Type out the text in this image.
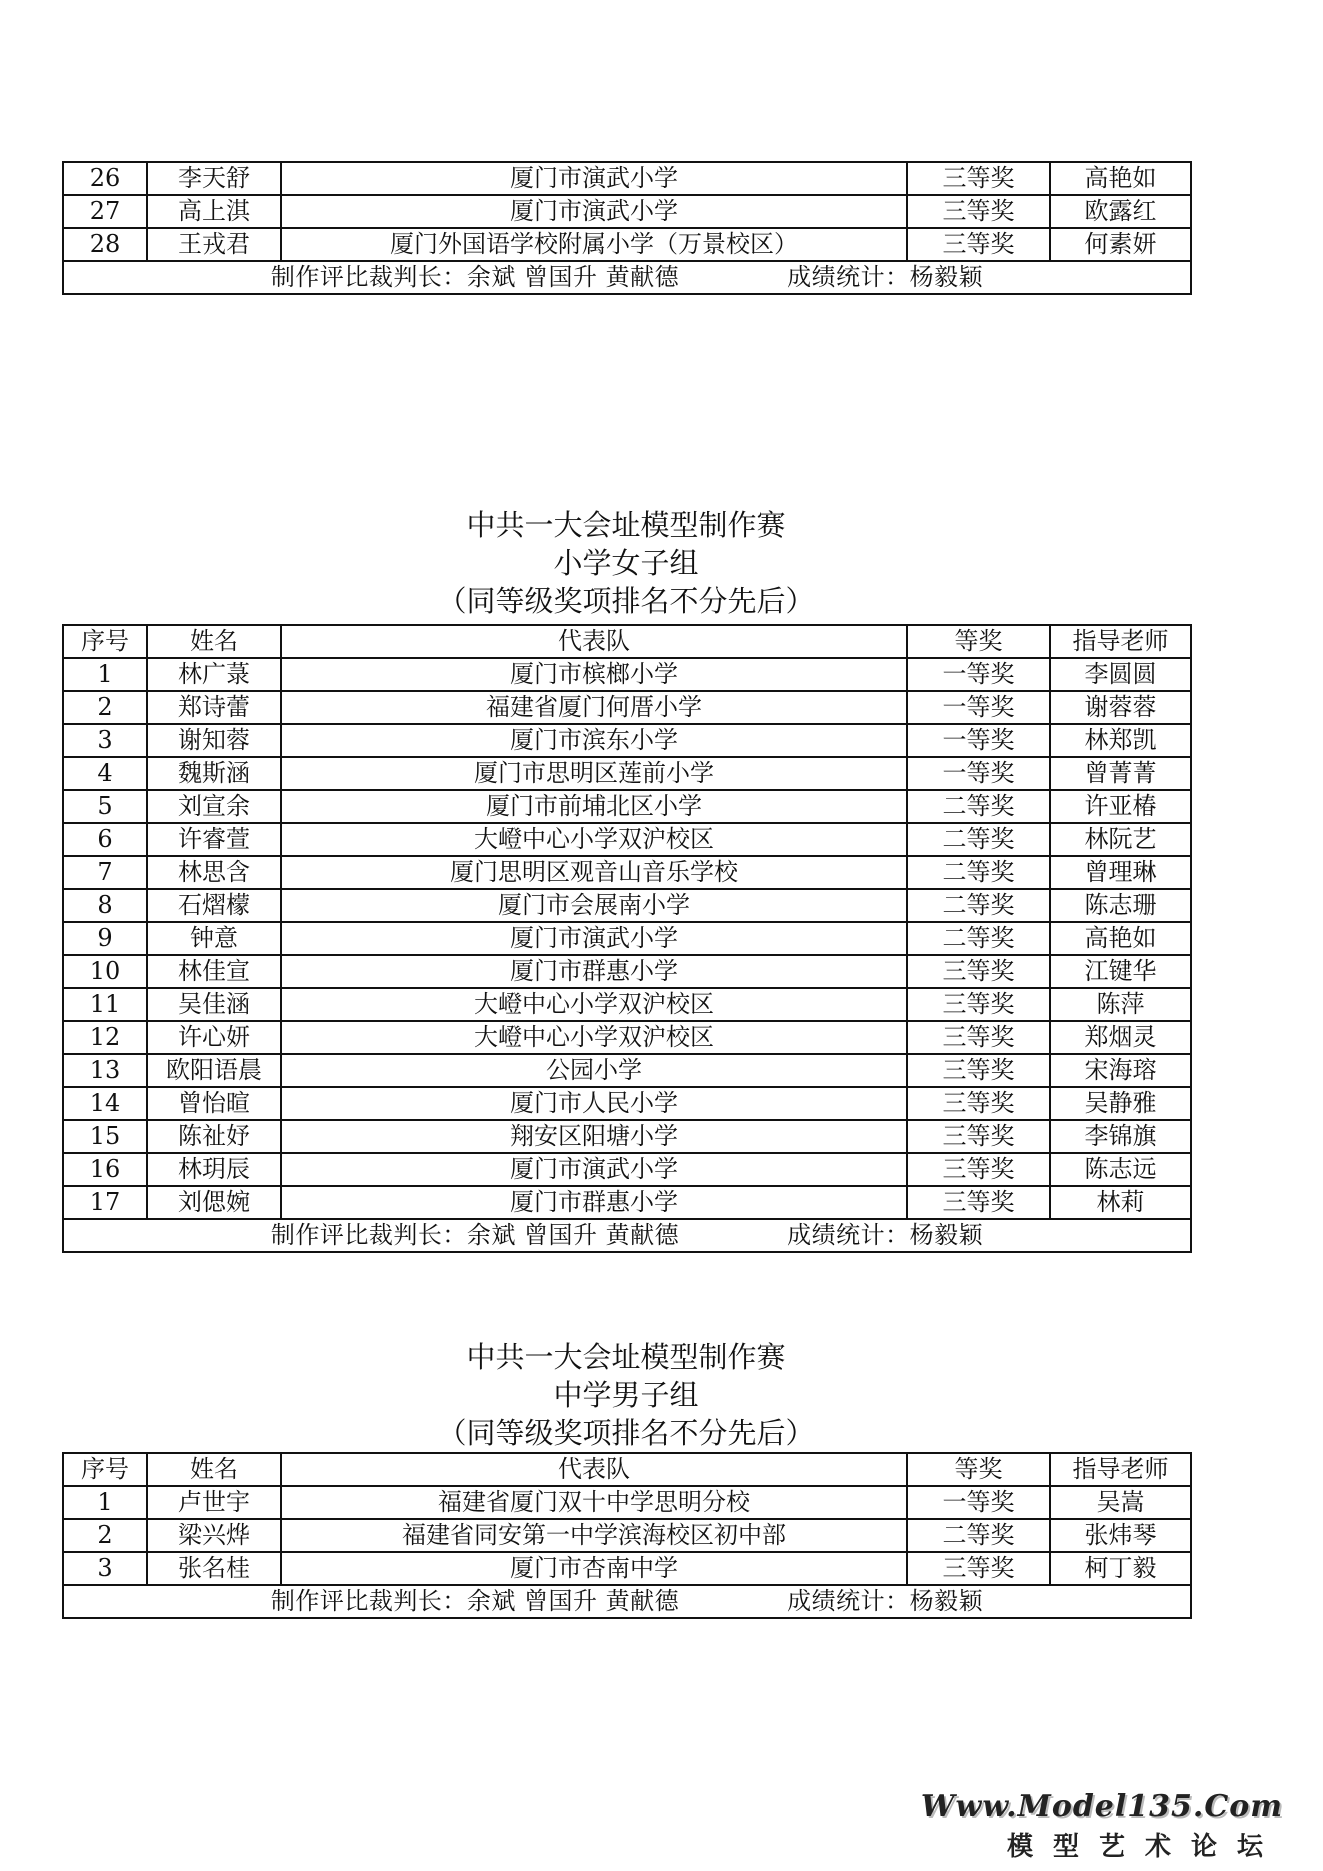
26	李天舒	厦门市演武小学	三等奖	高艳如
27	高上淇	厦门市演武小学	三等奖	欧露红
28	王戎君	厦门外国语学校附属小学（万景校区）	三等奖	何素妍
制作评比裁判长：余斌 曾国升 黄献德 成绩统计：杨毅颖				
中共一大会址模型制作赛
小学女子组
（同等级奖项排名不分先后）
序号	姓名	代表队	等奖	指导老师
1	林广菉	厦门市槟榔小学	一等奖	李圆圆
2	郑诗蕾	福建省厦门何厝小学	一等奖	谢蓉蓉
3	谢知蓉	厦门市滨东小学	一等奖	林郑凯
4	魏斯涵	厦门市思明区莲前小学	一等奖	曾菁菁
5	刘宣余	厦门市前埔北区小学	二等奖	许亚椿
6	许睿萱	大嶝中心小学双沪校区	二等奖	林阮艺
7	林思含	厦门思明区观音山音乐学校	二等奖	曾理琳
8	石熠檬	厦门市会展南小学	二等奖	陈志珊
9	钟意	厦门市演武小学	二等奖	高艳如
10	林佳宣	厦门市群惠小学	三等奖	江键华
11	吴佳涵	大嶝中心小学双沪校区	三等奖	陈萍
12	许心妍	大嶝中心小学双沪校区	三等奖	郑烟灵
13	欧阳语晨	公园小学	三等奖	宋海瑢
14	曾怡暄	厦门市人民小学	三等奖	吴静雅
15	陈祉妤	翔安区阳塘小学	三等奖	李锦旗
16	林玥辰	厦门市演武小学	三等奖	陈志远
17	刘偲婉	厦门市群惠小学	三等奖	林莉
制作评比裁判长：余斌 曾国升 黄献德 成绩统计：杨毅颖				
中共一大会址模型制作赛
中学男子组
（同等级奖项排名不分先后）
序号	姓名	代表队	等奖	指导老师
1	卢世宇	福建省厦门双十中学思明分校	一等奖	吴嵩
2	梁兴烨	福建省同安第一中学滨海校区初中部	二等奖	张炜琴
3	张名桂	厦门市杏南中学	三等奖	柯丁毅
制作评比裁判长：余斌 曾国升 黄献德 成绩统计：杨毅颖				
Www.Model135.Com
模型艺术论坛
